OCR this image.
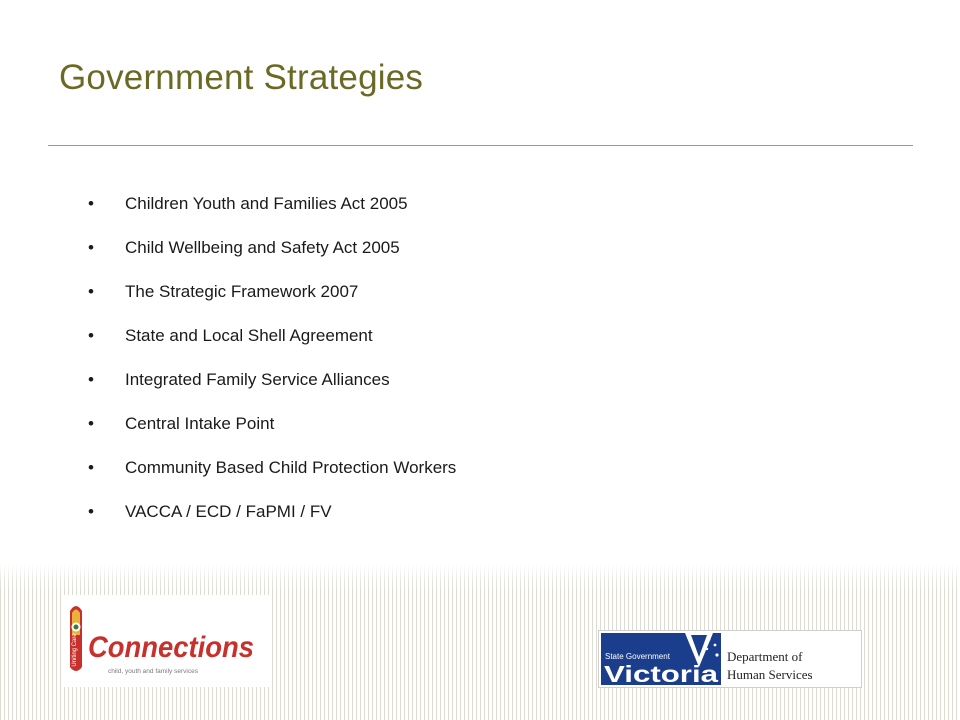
Government Strategies
•	Children Youth and Families Act 2005
•	Child Wellbeing and Safety Act 2005
•	The Strategic Framework 2007
•	State and Local Shell Agreement
•	Integrated Family Service Alliances
•	Central Intake Point
•	Community Based Child Protection Workers
•	VACCA / ECD / FaPMI / FV
Uniting Care Connections
child, youth and family services
State Government
Victoria
Department of
Human Services
